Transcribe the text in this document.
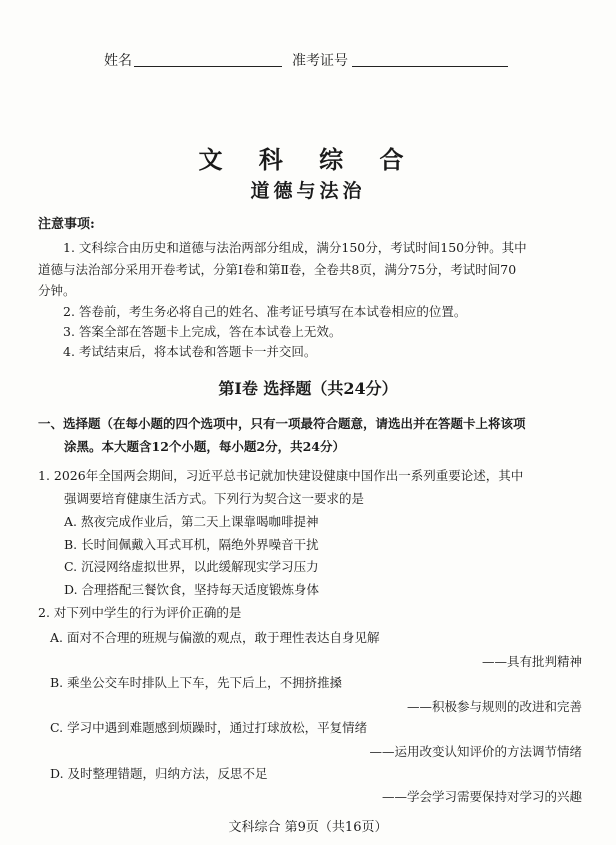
姓名	准考证号
文 科 综 合
道德与法治
注意事项:
1. 文科综合由历史和道德与法治两部分组成，满分150分，考试时间150分钟。其中
道德与法治部分采用开卷考试，分第Ⅰ卷和第Ⅱ卷，全卷共8页，满分75分，考试时间70
分钟。
2. 答卷前，考生务必将自己的姓名、准考证号填写在本试卷相应的位置。
3. 答案全部在答题卡上完成，答在本试卷上无效。
4. 考试结束后，将本试卷和答题卡一并交回。
第Ⅰ卷 选择题（共24分）
一、选择题（在每小题的四个选项中，只有一项最符合题意，请选出并在答题卡上将该项
涂黑。本大题含12个小题，每小题2分，共24分）
1. 2026年全国两会期间，习近平总书记就加快建设健康中国作出一系列重要论述，其中
强调要培育健康生活方式。下列行为契合这一要求的是
A. 熬夜完成作业后，第二天上课靠喝咖啡提神
B. 长时间佩戴入耳式耳机，隔绝外界噪音干扰
C. 沉浸网络虚拟世界，以此缓解现实学习压力
D. 合理搭配三餐饮食，坚持每天适度锻炼身体
2. 对下列中学生的行为评价正确的是
A. 面对不合理的班规与偏激的观点，敢于理性表达自身见解
——具有批判精神
B. 乘坐公交车时排队上下车，先下后上，不拥挤推搡
——积极参与规则的改进和完善
C. 学习中遇到难题感到烦躁时，通过打球放松，平复情绪
——运用改变认知评价的方法调节情绪
D. 及时整理错题，归纳方法，反思不足
——学会学习需要保持对学习的兴趣
文科综合 第9页（共16页）
